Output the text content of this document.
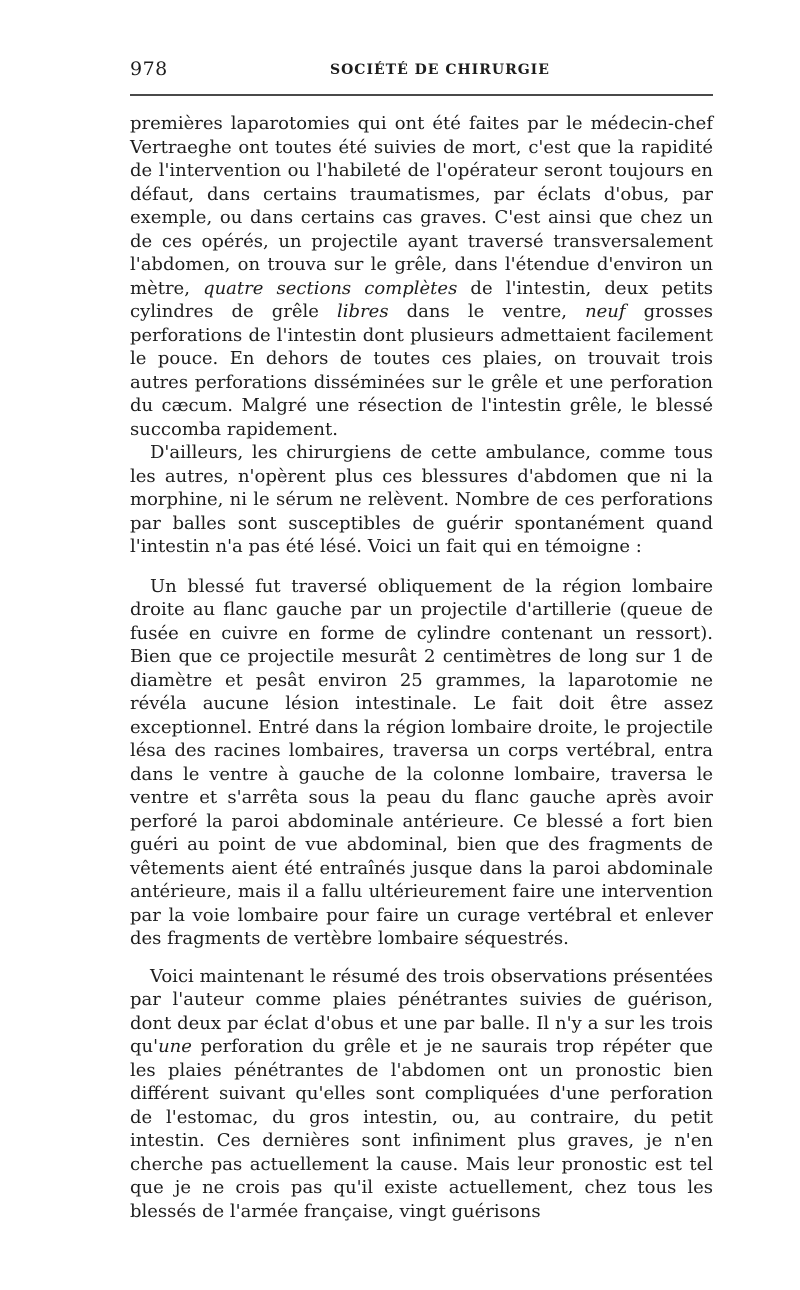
978	SOCIÉTÉ DE CHIRURGIE

premières laparotomies qui ont été faites par le médecin-chef Vertraeghe ont toutes été suivies de mort, c'est que la rapidité de l'intervention ou l'habileté de l'opérateur seront toujours en défaut, dans certains traumatismes, par éclats d'obus, par exemple, ou dans certains cas graves. C'est ainsi que chez un de ces opérés, un projectile ayant traversé transversalement l'abdomen, on trouva sur le grêle, dans l'étendue d'environ un mètre, quatre sections complètes de l'intestin, deux petits cylindres de grêle libres dans le ventre, neuf grosses perforations de l'intestin dont plusieurs admettaient facilement le pouce. En dehors de toutes ces plaies, on trouvait trois autres perforations disséminées sur le grêle et une perforation du cæcum. Malgré une résection de l'intestin grêle, le blessé succomba rapidement.

D'ailleurs, les chirurgiens de cette ambulance, comme tous les autres, n'opèrent plus ces blessures d'abdomen que ni la morphine, ni le sérum ne relèvent. Nombre de ces perforations par balles sont susceptibles de guérir spontanément quand l'intestin n'a pas été lésé. Voici un fait qui en témoigne :

Un blessé fut traversé obliquement de la région lombaire droite au flanc gauche par un projectile d'artillerie (queue de fusée en cuivre en forme de cylindre contenant un ressort). Bien que ce projectile mesurât 2 centimètres de long sur 1 de diamètre et pesât environ 25 grammes, la laparotomie ne révéla aucune lésion intestinale. Le fait doit être assez exceptionnel. Entré dans la région lombaire droite, le projectile lésa des racines lombaires, traversa un corps vertébral, entra dans le ventre à gauche de la colonne lombaire, traversa le ventre et s'arrêta sous la peau du flanc gauche après avoir perforé la paroi abdominale antérieure. Ce blessé a fort bien guéri au point de vue abdominal, bien que des fragments de vêtements aient été entraînés jusque dans la paroi abdominale antérieure, mais il a fallu ultérieurement faire une intervention par la voie lombaire pour faire un curage vertébral et enlever des fragments de vertèbre lombaire séquestrés.

Voici maintenant le résumé des trois observations présentées par l'auteur comme plaies pénétrantes suivies de guérison, dont deux par éclat d'obus et une par balle. Il n'y a sur les trois qu'une perforation du grêle et je ne saurais trop répéter que les plaies pénétrantes de l'abdomen ont un pronostic bien différent suivant qu'elles sont compliquées d'une perforation de l'estomac, du gros intestin, ou, au contraire, du petit intestin. Ces dernières sont infiniment plus graves, je n'en cherche pas actuellement la cause. Mais leur pronostic est tel que je ne crois pas qu'il existe actuellement, chez tous les blessés de l'armée française, vingt guérisons
